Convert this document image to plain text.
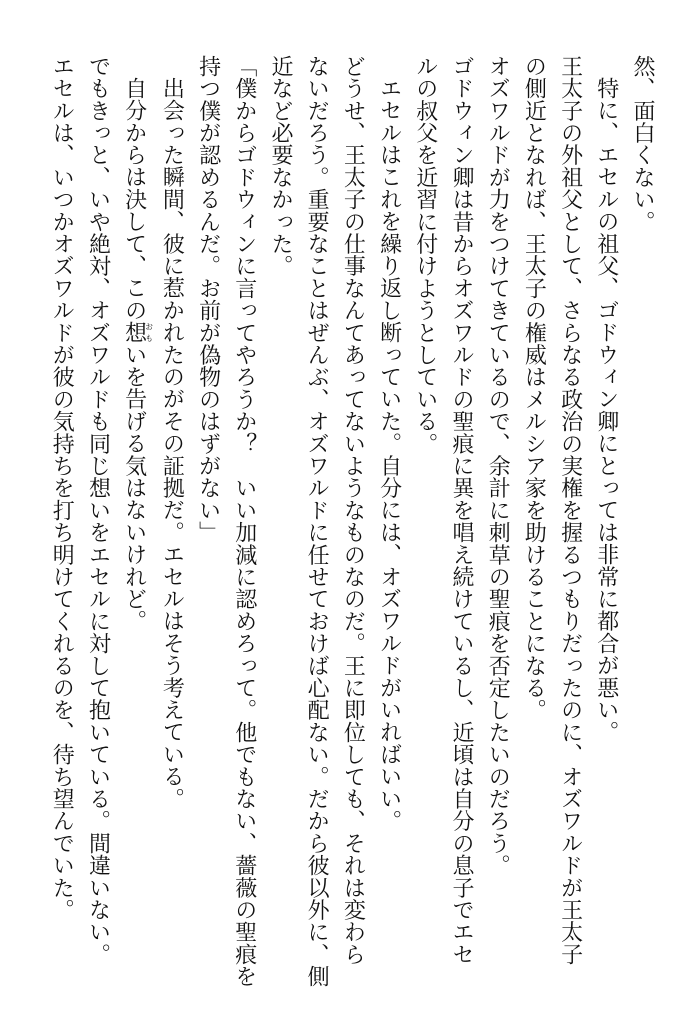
然、面白くない。

特に、エセルの祖父、ゴドウィン卿にとっては非常に都合が悪い。

王太子の外祖父として、さらなる政治の実権を握るつもりだったのに、オズワルドが王太子

の側近となれば、王太子の権威はメルシア家を助けることになる。

オズワルドが力をつけてきているので、余計に刺草の聖痕を否定したいのだろう。

ゴドウィン卿は昔からオズワルドの聖痕に異を唱え続けているし、近頃は自分の息子でエセ

ルの叔父を近習に付けようとしている。

エセルはこれを繰り返し断っていた。自分には、オズワルドがいればいい。

どうせ、王太子の仕事なんてあってないようなものなのだ。王に即位しても、それは変わら

ないだろう。重要なことはぜんぶ、オズワルドに任せておけば心配ない。だから彼以外に、側

近など必要なかった。

「僕からゴドウィンに言ってやろうか？　いい加減に認めろって。他でもない、薔薇の聖痕を

持つ僕が認めるんだ。お前が偽物のはずがない」

出会った瞬間、彼に惹かれたのがその証拠だ。エセルはそう考えている。

自分からは決して、この想おもいを告げる気はないけれど。

でもきっと、いや絶対、オズワルドも同じ想いをエセルに対して抱いている。間違いない。

エセルは、いつかオズワルドが彼の気持ちを打ち明けてくれるのを、待ち望んでいた。
